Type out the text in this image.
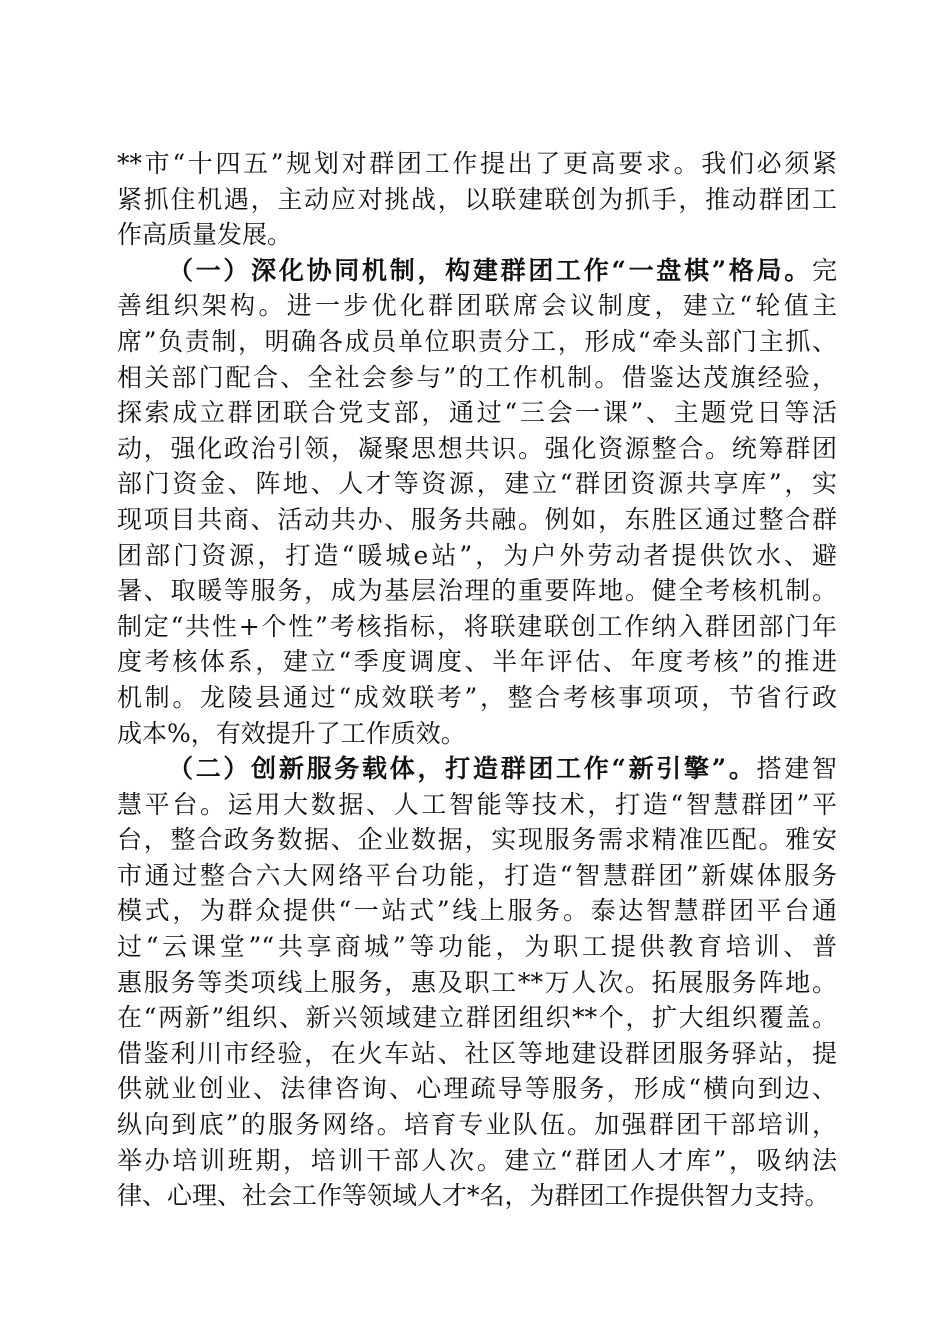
**市“十四五”规划对群团工作提出了更高要求。我们必须紧
紧抓住机遇，主动应对挑战，以联建联创为抓手，推动群团工
作高质量发展。
（一）深化协同机制，构建群团工作“一盘棋”格局。完
善组织架构。进一步优化群团联席会议制度，建立“轮值主
席”负责制，明确各成员单位职责分工，形成“牵头部门主抓、
相关部门配合、全社会参与”的工作机制。借鉴达茂旗经验，
探索成立群团联合党支部，通过“三会一课”、主题党日等活
动，强化政治引领，凝聚思想共识。强化资源整合。统筹群团
部门资金、阵地、人才等资源，建立“群团资源共享库”，实
现项目共商、活动共办、服务共融。例如，东胜区通过整合群
团部门资源，打造“暖城e站”，为户外劳动者提供饮水、避
暑、取暖等服务，成为基层治理的重要阵地。健全考核机制。
制定“共性+个性”考核指标，将联建联创工作纳入群团部门年
度考核体系，建立“季度调度、半年评估、年度考核”的推进
机制。龙陵县通过“成效联考”，整合考核事项项，节省行政
成本%，有效提升了工作质效。
（二）创新服务载体，打造群团工作“新引擎”。搭建智
慧平台。运用大数据、人工智能等技术，打造“智慧群团”平
台，整合政务数据、企业数据，实现服务需求精准匹配。雅安
市通过整合六大网络平台功能，打造“智慧群团”新媒体服务
模式，为群众提供“一站式”线上服务。泰达智慧群团平台通
过“云课堂”“共享商城”等功能，为职工提供教育培训、普
惠服务等类项线上服务，惠及职工**万人次。拓展服务阵地。
在“两新”组织、新兴领域建立群团组织**个，扩大组织覆盖。
借鉴利川市经验，在火车站、社区等地建设群团服务驿站，提
供就业创业、法律咨询、心理疏导等服务，形成“横向到边、
纵向到底”的服务网络。培育专业队伍。加强群团干部培训，
举办培训班期，培训干部人次。建立“群团人才库”，吸纳法
律、心理、社会工作等领域人才*名，为群团工作提供智力支持。
